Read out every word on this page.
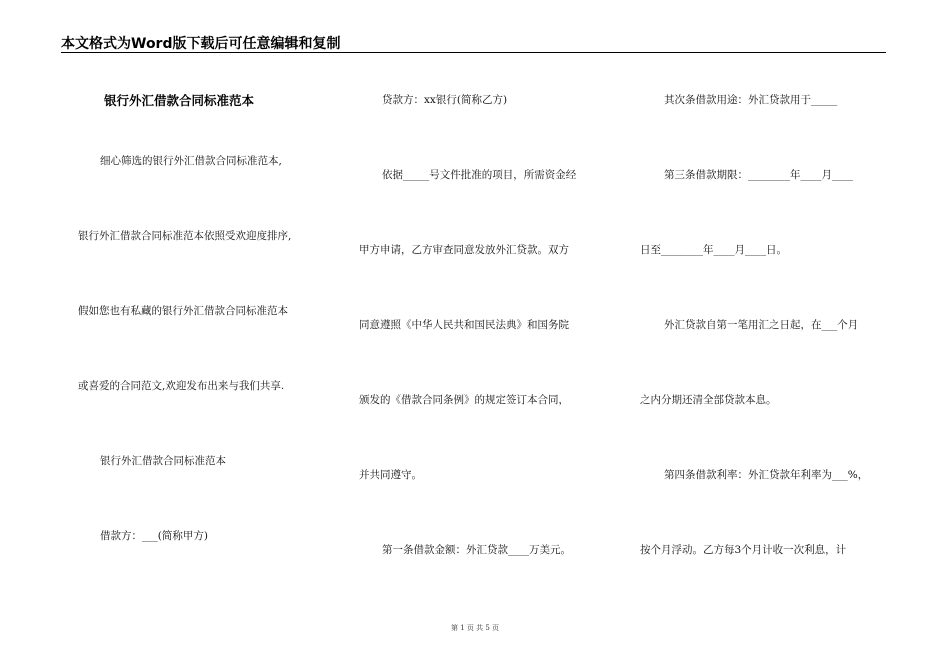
本文格式为Word版下载后可任意编辑和复制
银行外汇借款合同标准范本
细心筛选的银行外汇借款合同标准范本,
银行外汇借款合同标准范本依照受欢迎度排序,
假如您也有私藏的银行外汇借款合同标准范本
或喜爱的合同范文,欢迎发布出来与我们共享.
银行外汇借款合同标准范本
借款方：___(简称甲方)
贷款方：xx银行(简称乙方)
依据_____号文件批准的项目，所需资金经
甲方申请，乙方审查同意发放外汇贷款。双方
同意遵照《中华人民共和国民法典》和国务院
颁发的《借款合同条例》的规定签订本合同，
并共同遵守。
第一条借款金额：外汇贷款____万美元。
其次条借款用途：外汇贷款用于_____
第三条借款期限：________年____月____
日至________年____月____日。
外汇贷款自第一笔用汇之日起，在___个月
之内分期还清全部贷款本息。
第四条借款利率：外汇贷款年利率为___%，
按个月浮动。乙方每3个月计收一次利息，计
第 1 页 共 5 页
